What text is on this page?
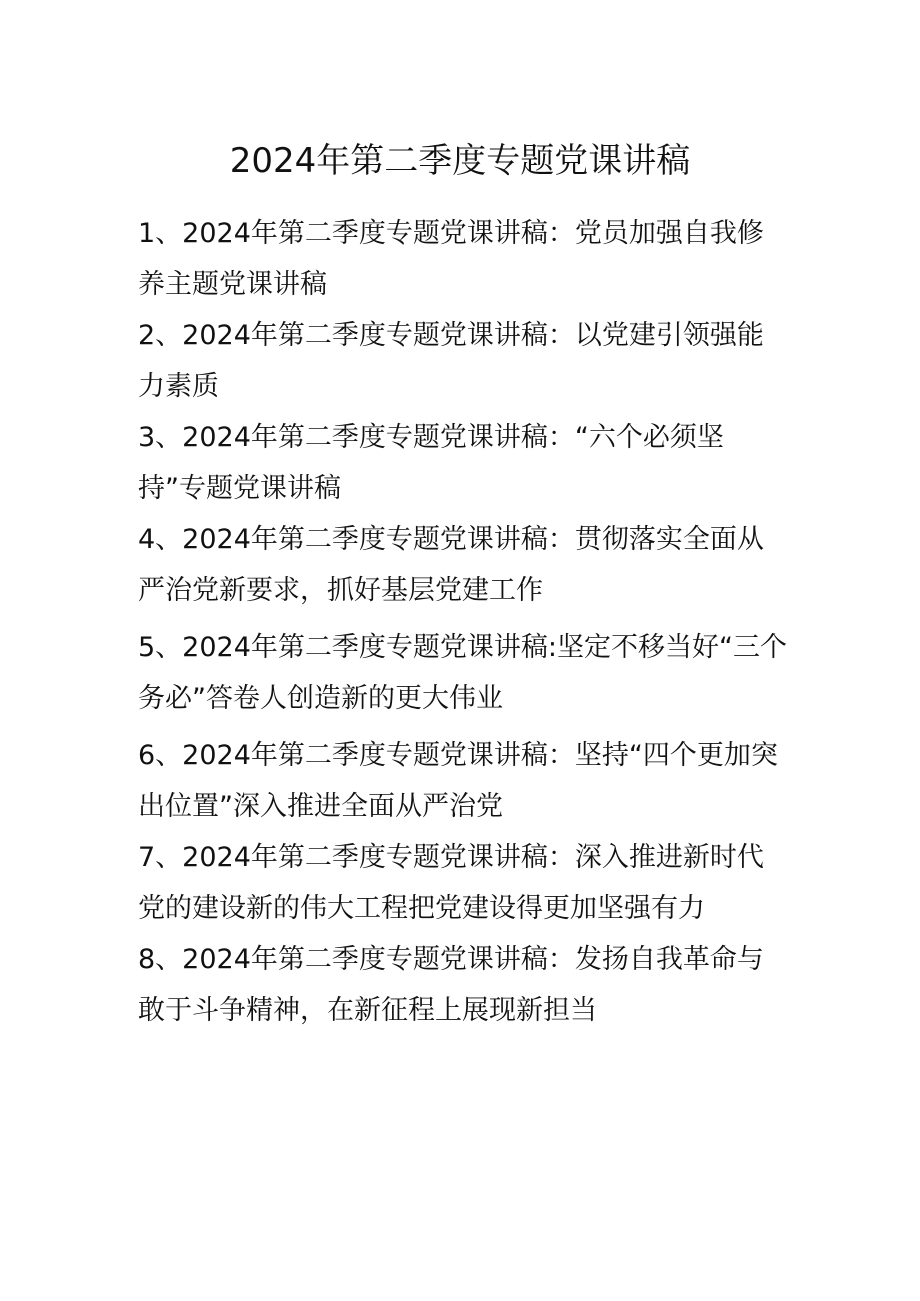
2024年第二季度专题党课讲稿

1、2024年第二季度专题党课讲稿：党员加强自我修养主题党课讲稿

2、2024年第二季度专题党课讲稿：以党建引领强能力素质

3、2024年第二季度专题党课讲稿：“六个必须坚持”专题党课讲稿

4、2024年第二季度专题党课讲稿：贯彻落实全面从严治党新要求，抓好基层党建工作

5、2024年第二季度专题党课讲稿:坚定不移当好“三个务必”答卷人创造新的更大伟业

6、2024年第二季度专题党课讲稿：坚持“四个更加突出位置”深入推进全面从严治党

7、2024年第二季度专题党课讲稿：深入推进新时代党的建设新的伟大工程把党建设得更加坚强有力

8、2024年第二季度专题党课讲稿：发扬自我革命与敢于斗争精神，在新征程上展现新担当
